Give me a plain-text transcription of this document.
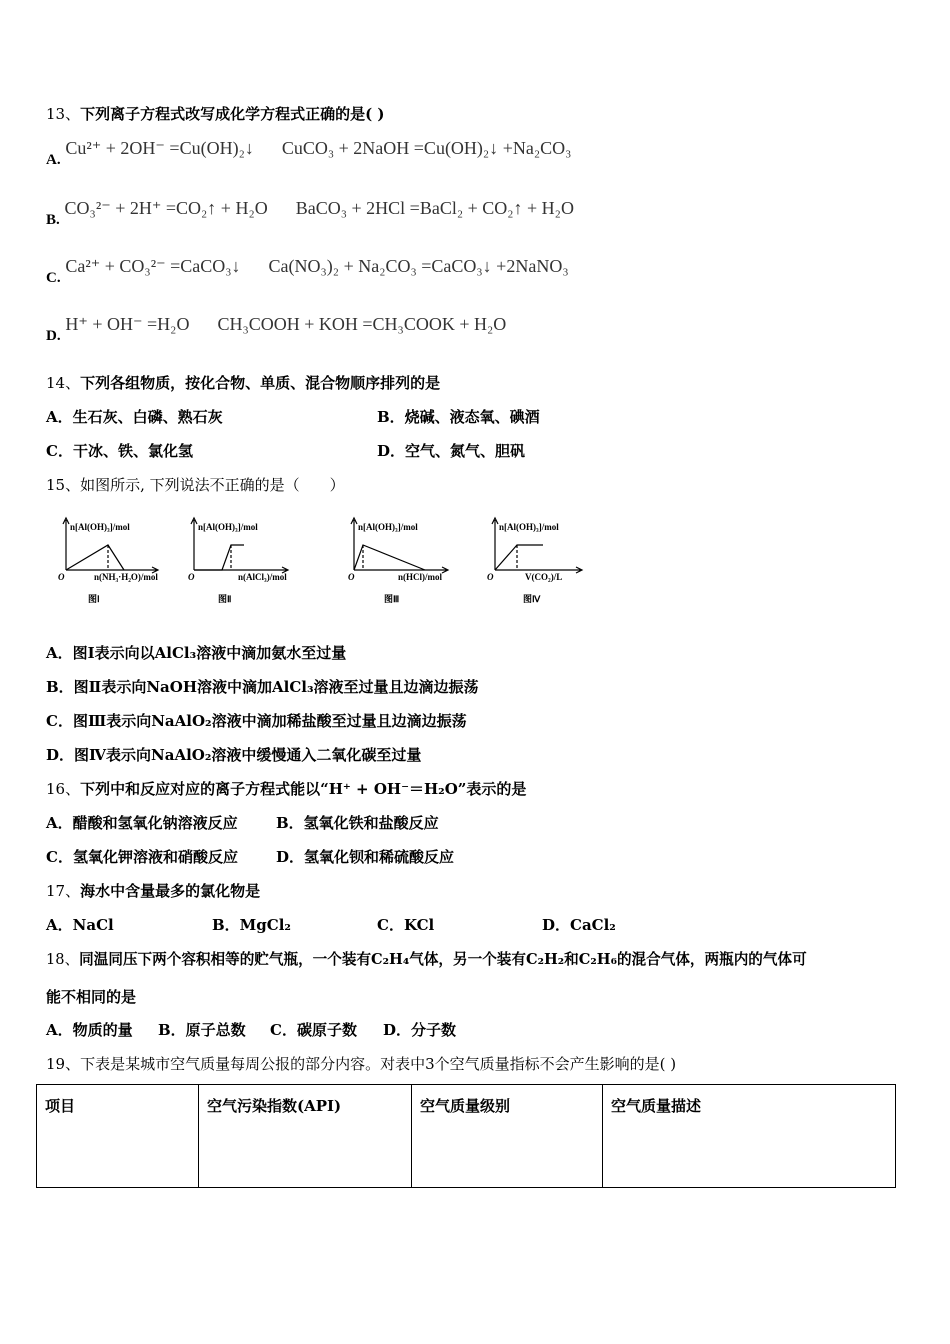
13、下列离子方程式改写成化学方程式正确的是( )
A. Cu²⁺ + 2OH⁻ =Cu(OH)₂↓ CuCO₃ + 2NaOH =Cu(OH)₂↓ +Na₂CO₃
B. CO₃²⁻ + 2H⁺ =CO₂↑ + H₂O BaCO₃ + 2HCl =BaCl₂ + CO₂↑ + H₂O
C. Ca²⁺ + CO₃²⁻ =CaCO₃↓ Ca(NO₃)₂ + Na₂CO₃ =CaCO₃↓ +2NaNO₃
D. H⁺ + OH⁻ =H₂O CH₃COOH + KOH =CH₃COOK + H₂O
14、下列各组物质，按化合物、单质、混合物顺序排列的是
A．生石灰、白磷、熟石灰	B．烧碱、液态氧、碘酒
C．干冰、铁、氯化氢	D．空气、氮气、胆矾
15、如图所示, 下列说法不正确的是（　　）
n[Al(OH)₃]/mol
O	n(NH₃·H₂O)/mol
图Ⅰ
n[Al(OH)₃]/mol
O	n(AlCl₃)/mol
图Ⅱ
n[Al(OH)₃]/mol
O	n(HCl)/mol
图Ⅲ
n[Al(OH)₃]/mol
O	V(CO₂)/L
图Ⅳ
A．图Ⅰ表示向以AlCl₃溶液中滴加氨水至过量
B．图Ⅱ表示向NaOH溶液中滴加AlCl₃溶液至过量且边滴边振荡
C．图Ⅲ表示向NaAlO₂溶液中滴加稀盐酸至过量且边滴边振荡
D．图Ⅳ表示向NaAlO₂溶液中缓慢通入二氧化碳至过量
16、下列中和反应对应的离子方程式能以“H⁺ + OH⁻＝H₂O”表示的是
A．醋酸和氢氧化钠溶液反应	B．氢氧化铁和盐酸反应
C．氢氧化钾溶液和硝酸反应	D．氢氧化钡和稀硫酸反应
17、海水中含量最多的氯化物是
A．NaCl	B．MgCl₂	C．KCl	D．CaCl₂
18、同温同压下两个容积相等的贮气瓶，一个装有C₂H₄气体，另一个装有C₂H₂和C₂H₆的混合气体，两瓶内的气体可
能不相同的是
A．物质的量 B．原子总数 C．碳原子数 D．分子数
19、下表是某城市空气质量每周公报的部分内容。对表中3个空气质量指标不会产生影响的是( )
项目	空气污染指数(API)	空气质量级别	空气质量描述
